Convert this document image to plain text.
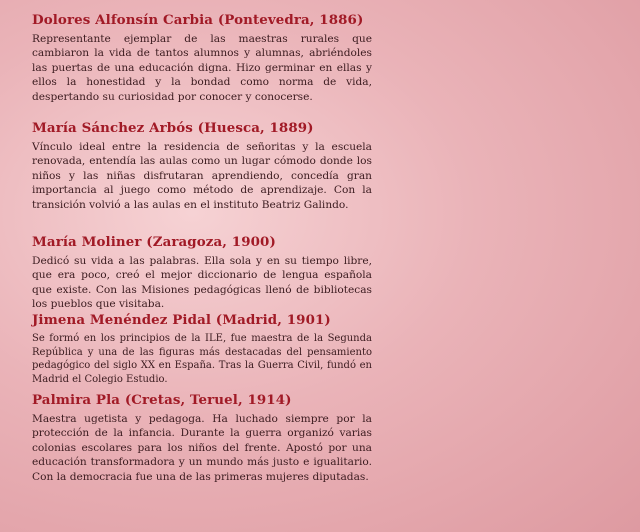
Dolores Alfonsín Carbia (Pontevedra, 1886)
Representante ejemplar de las maestras rurales que cambiaron la vida de tantos alumnos y alumnas, abriéndoles las puertas de una educación digna. Hizo germinar en ellas y ellos la honestidad y la bondad como norma de vida, despertando su curiosidad por conocer y conocerse.
María Sánchez Arbós (Huesca, 1889)
Vínculo ideal entre la residencia de señoritas y la escuela renovada, entendía las aulas como un lugar cómodo donde los niños y las niñas disfrutaran aprendiendo, concedía gran importancia al juego como método de aprendizaje. Con la transición volvió a las aulas en el instituto Beatriz Galindo.
María Moliner (Zaragoza, 1900)
Dedicó su vida a las palabras. Ella sola y en su tiempo libre, que era poco, creó el mejor diccionario de lengua española que existe. Con las Misiones pedagógicas llenó de bibliotecas los pueblos que visitaba.
Jimena Menéndez Pidal (Madrid, 1901)
Se formó en los principios de la ILE, fue maestra de la Segunda República y una de las figuras más destacadas del pensamiento pedagógico del siglo XX en España. Tras la Guerra Civil, fundó en Madrid el Colegio Estudio.
Palmira Pla (Cretas, Teruel, 1914)
Maestra ugetista y pedagoga. Ha luchado siempre por la protección de la infancia. Durante la guerra organizó varias colonias escolares para los niños del frente. Apostó por una educación transformadora y un mundo más justo e igualitario. Con la democracia fue una de las primeras mujeres diputadas.
